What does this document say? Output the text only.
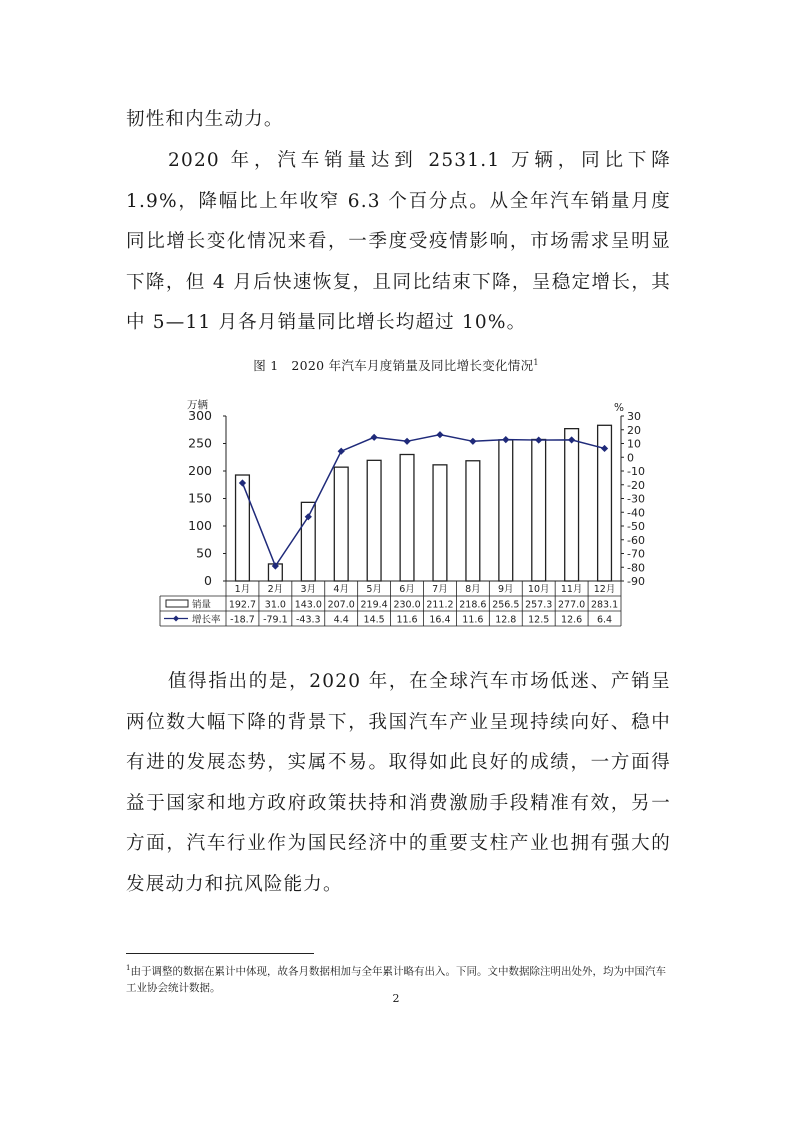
韧性和内生动力。

2020 年，汽车销量达到 2531.1 万辆，同比下降 1.9%，降幅比上年收窄 6.3 个百分点。从全年汽车销量月度同比增长变化情况来看，一季度受疫情影响，市场需求呈明显下降，但 4 月后快速恢复，且同比结束下降，呈稳定增长，其中 5—11 月各月销量同比增长均超过 10%。

图 1　2020 年汽车月度销量及同比增长变化情况$^1$
0
50
100
150
200
250
300
万辆
30
20
10
0
-10
-20
-30
-40
-50
-60
-70
-80
-90
%
1月 2月 3月 4月 5月 6月 7月 8月 9月 10月 11月 12月
销量
增长率
192.7 31.0 143.0 207.0 219.4 230.0 211.2 218.6 256.5 257.3 277.0 283.1
-18.7 -79.1 -43.3 4.4 14.5 11.6 16.4 11.6 12.8 12.5 12.6 6.4

值得指出的是，2020 年，在全球汽车市场低迷、产销呈两位数大幅下降的背景下，我国汽车产业呈现持续向好、稳中有进的发展态势，实属不易。取得如此良好的成绩，一方面得益于国家和地方政府政策扶持和消费激励手段精准有效，另一方面，汽车行业作为国民经济中的重要支柱产业也拥有强大的发展动力和抗风险能力。

$^1$由于调整的数据在累计中体现，故各月数据相加与全年累计略有出入。下同。文中数据除注明出处外，均为中国汽车工业协会统计数据。

2
